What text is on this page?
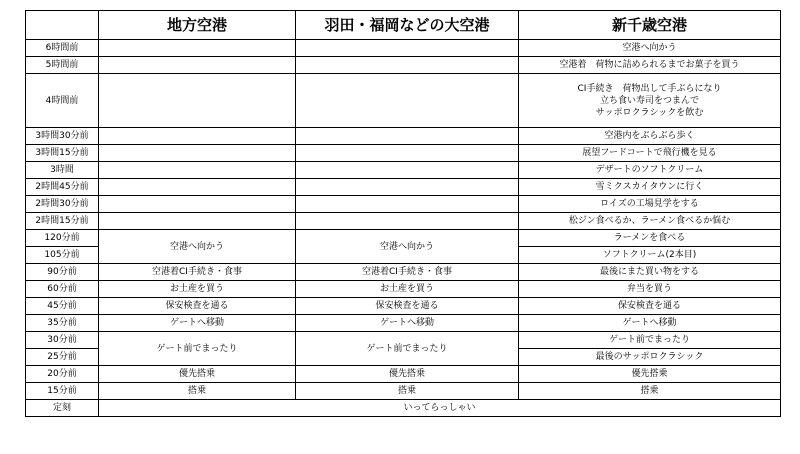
	地方空港	羽田・福岡などの大空港	新千歳空港
6時間前			空港へ向かう
5時間前			空港着　荷物に詰められるまでお菓子を買う
4時間前			CI手続き　荷物出して手ぶらになり
立ち食い寿司をつまんで
サッポロクラシックを飲む

3時間30分前			空港内をぶらぶら歩く
3時間15分前			展望フードコートで飛行機を見る
3時間			デザートのソフトクリーム
2時間45分前			雪ミクスカイタウンに行く
2時間30分前			ロイズの工場見学をする
2時間15分前			松ジン食べるか、ラーメン食べるか悩む
120分前	空港へ向かう	空港へ向かう	ラーメンを食べる
105分前			ソフトクリーム(2本目)
90分前	空港着CI手続き・食事	空港着CI手続き・食事	最後にまた買い物をする
60分前	お土産を買う	お土産を買う	弁当を買う
45分前	保安検査を通る	保安検査を通る	保安検査を通る
35分前	ゲートへ移動	ゲートへ移動	ゲートへ移動
30分前	ゲート前でまったり	ゲート前でまったり	ゲート前でまったり
25分前			最後のサッポロクラシック
20分前	優先搭乗	優先搭乗	優先搭乗
15分前	搭乗	搭乗	搭乗
定刻	いってらっしゃい		
